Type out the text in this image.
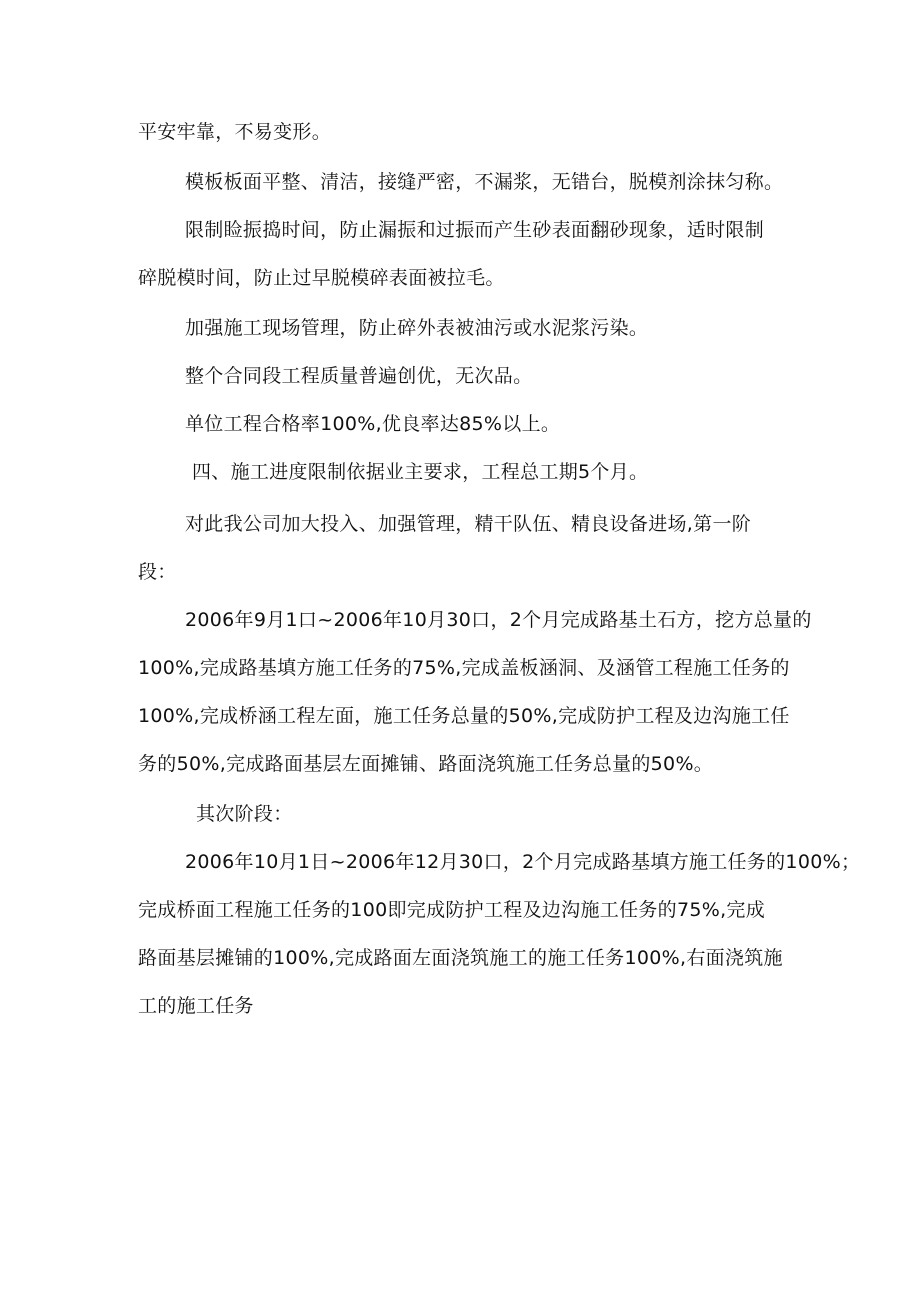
平安牢靠，不易变形。
模板板面平整、清洁，接缝严密，不漏浆，无错台，脱模剂涂抹匀称。
限制睑振捣时间，防止漏振和过振而产生砂表面翻砂现象，适时限制
碎脱模时间，防止过早脱模碎表面被拉毛。
加强施工现场管理，防止碎外表被油污或水泥浆污染。
整个合同段工程质量普遍创优，无次品。
单位工程合格率100%,优良率达85%以上。
四、施工进度限制依据业主要求，工程总工期5个月。
对此我公司加大投入、加强管理，精干队伍、精良设备进场,第一阶
段：
2006年9月1口~2006年10月30口，2个月完成路基土石方，挖方总量的
100%,完成路基填方施工任务的75%,完成盖板涵洞、及涵管工程施工任务的
100%,完成桥涵工程左面，施工任务总量的50%,完成防护工程及边沟施工任
务的50%,完成路面基层左面摊铺、路面浇筑施工任务总量的50%。
其次阶段：
2006年10月1日~2006年12月30口，2个月完成路基填方施工任务的100%；
完成桥面工程施工任务的100即完成防护工程及边沟施工任务的75%,完成
路面基层摊铺的100%,完成路面左面浇筑施工的施工任务100%,右面浇筑施
工的施工任务
